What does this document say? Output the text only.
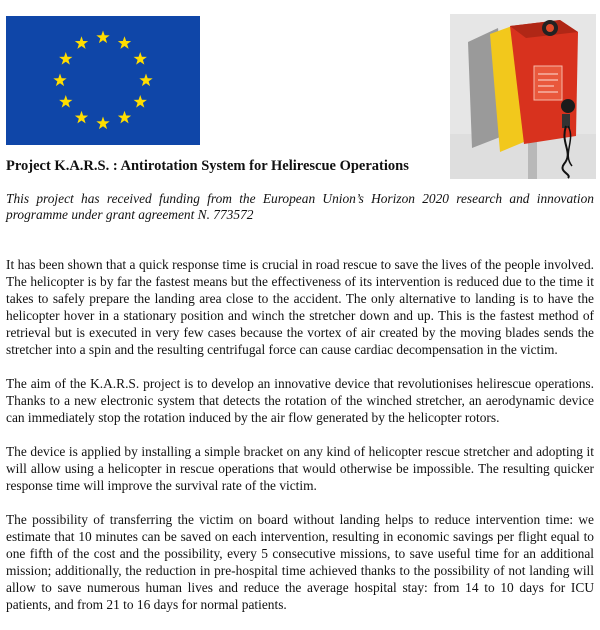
Project K.A.R.S. : Antirotation System for Helirescue Operations

This project has received funding from the European Union’s Horizon 2020 research and innovation programme under grant agreement N. 773572

It has been shown that a quick response time is crucial in road rescue to save the lives of the people involved. The helicopter is by far the fastest means but the effectiveness of its intervention is reduced due to the time it takes to safely prepare the landing area close to the accident. The only alternative to landing is to have the helicopter hover in a stationary position and winch the stretcher down and up. This is the fastest method of retrieval but is executed in very few cases because the vortex of air created by the moving blades sends the stretcher into a spin and the resulting centrifugal force can cause cardiac decompensation in the victim.

The aim of the K.A.R.S. project is to develop an innovative device that revolutionises helirescue operations. Thanks to a new electronic system that detects the rotation of the winched stretcher, an aerodynamic device can immediately stop the rotation induced by the air flow generated by the helicopter rotors.

The device is applied by installing a simple bracket on any kind of helicopter rescue stretcher and adopting it will allow using a helicopter in rescue operations that would otherwise be impossible. The resulting quicker response time will improve the survival rate of the victim.

The possibility of transferring the victim on board without landing helps to reduce intervention time: we estimate that 10 minutes can be saved on each intervention, resulting in economic savings per flight equal to one fifth of the cost and the possibility, every 5 consecutive missions, to save useful time for an additional mission; additionally, the reduction in pre-hospital time achieved thanks to the possibility of not landing will allow to save numerous human lives and reduce the average hospital stay: from 14 to 10 days for ICU patients, and from 21 to 16 days for normal patients.
